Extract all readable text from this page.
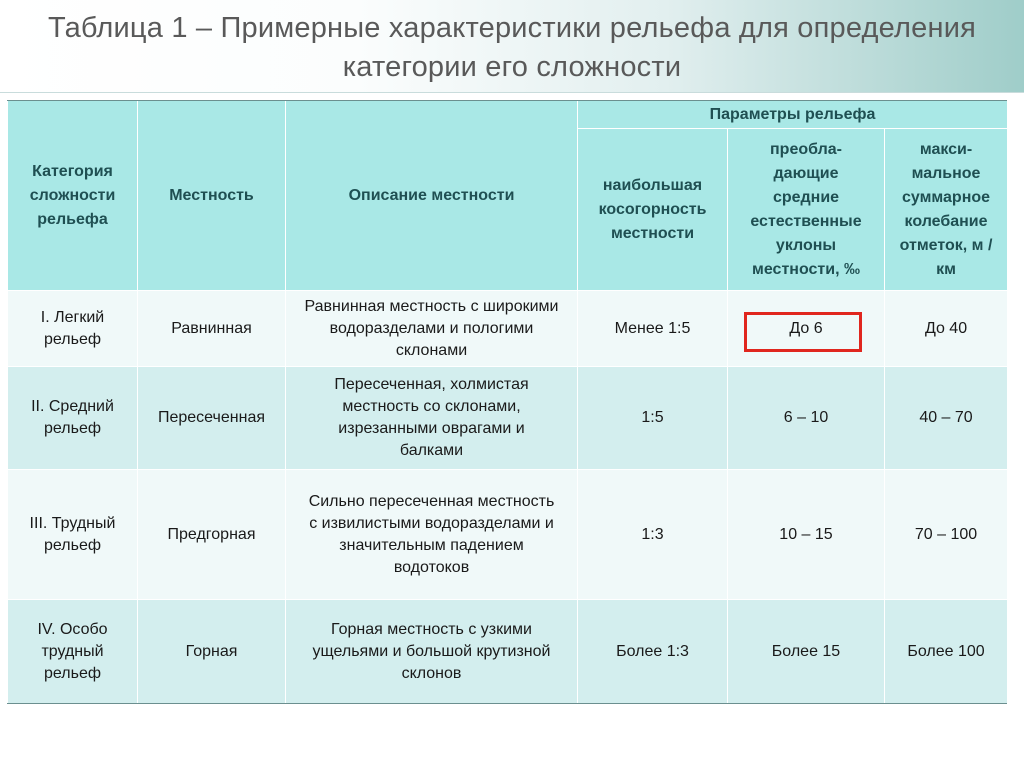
Таблица 1 – Примерные характеристики рельефа для определения
категории его сложности
Категория сложности рельефа	Местность	Описание местности	Параметры рельефа		
			наибольшая косогорность местности	преобла-дающие средние естественные уклоны местности, ‰	макси-мальное суммарное колебание отметок, м / км
I. Легкий рельеф	Равнинная	Равнинная местность с широкими водоразделами и пологими склонами	Менее 1:5	До 6	До 40
II. Средний рельеф	Пересеченная	Пересеченная, холмистая местность со склонами, изрезанными оврагами и балками	1:5	6 – 10	40 – 70
III. Трудный рельеф	Предгорная	Сильно пересеченная местность с извилистыми водоразделами и значительным падением водотоков	1:3	10 – 15	70 – 100
IV. Особо трудный рельеф	Горная	Горная местность с узкими ущельями и большой крутизной склонов	Более 1:3	Более 15	Более 100
